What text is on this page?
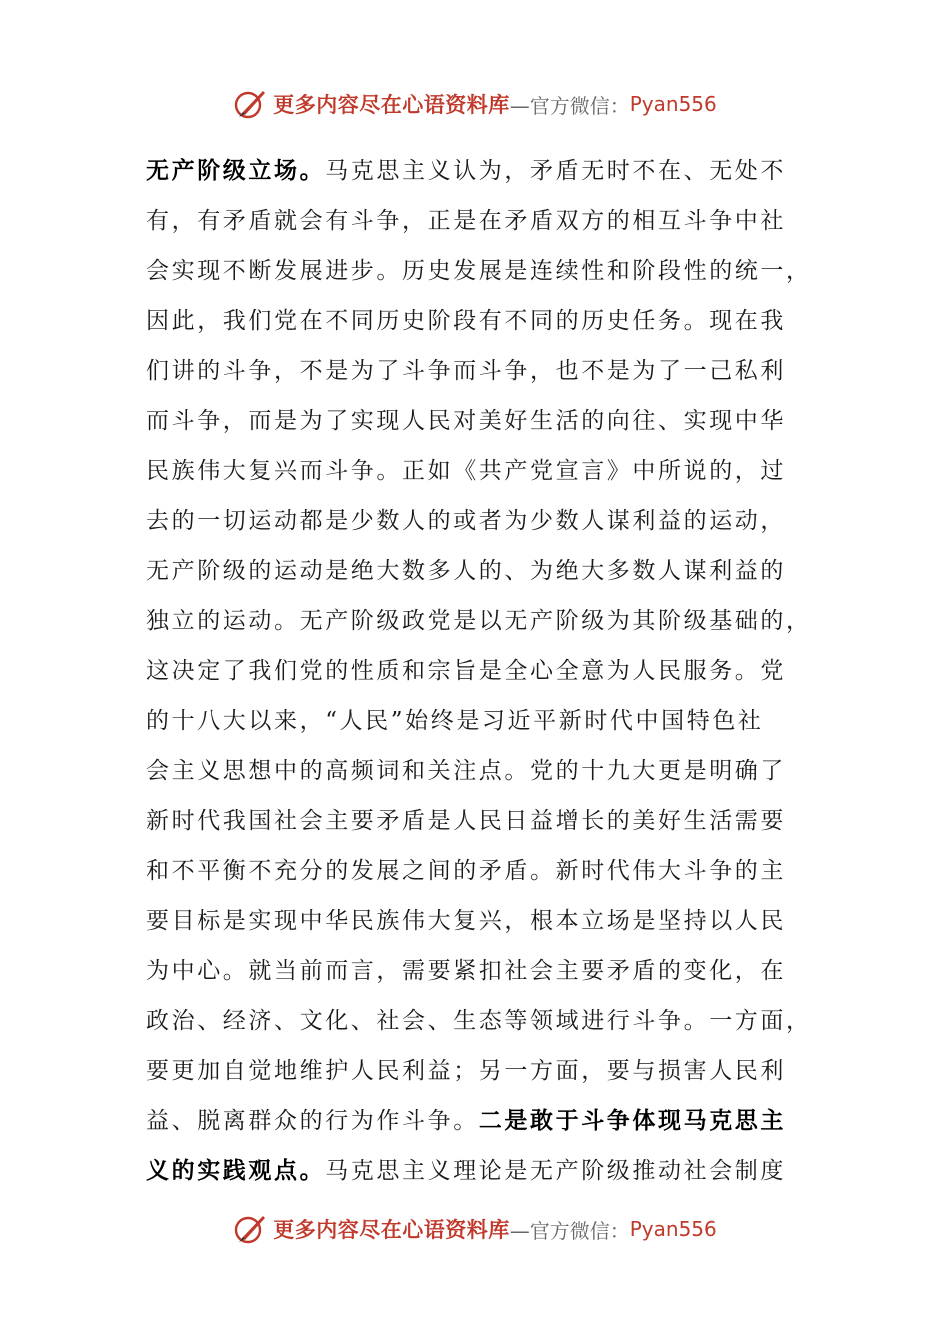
更多内容尽在心语资料库 —官方微信： Pyan556
无产阶级立场。马克思主义认为，矛盾无时不在、无处不
有，有矛盾就会有斗争，正是在矛盾双方的相互斗争中社
会实现不断发展进步。历史发展是连续性和阶段性的统一，
因此，我们党在不同历史阶段有不同的历史任务。现在我
们讲的斗争，不是为了斗争而斗争，也不是为了一己私利
而斗争，而是为了实现人民对美好生活的向往、实现中华
民族伟大复兴而斗争。正如《共产党宣言》中所说的，过
去的一切运动都是少数人的或者为少数人谋利益的运动，
无产阶级的运动是绝大数多人的、为绝大多数人谋利益的
独立的运动。无产阶级政党是以无产阶级为其阶级基础的，
这决定了我们党的性质和宗旨是全心全意为人民服务。党
的十八大以来，“人民”始终是习近平新时代中国特色社
会主义思想中的高频词和关注点。党的十九大更是明确了
新时代我国社会主要矛盾是人民日益增长的美好生活需要
和不平衡不充分的发展之间的矛盾。新时代伟大斗争的主
要目标是实现中华民族伟大复兴，根本立场是坚持以人民
为中心。就当前而言，需要紧扣社会主要矛盾的变化，在
政治、经济、文化、社会、生态等领域进行斗争。一方面，
要更加自觉地维护人民利益；另一方面，要与损害人民利
益、脱离群众的行为作斗争。二是敢于斗争体现马克思主
义的实践观点。马克思主义理论是无产阶级推动社会制度
更多内容尽在心语资料库 —官方微信： Pyan556
